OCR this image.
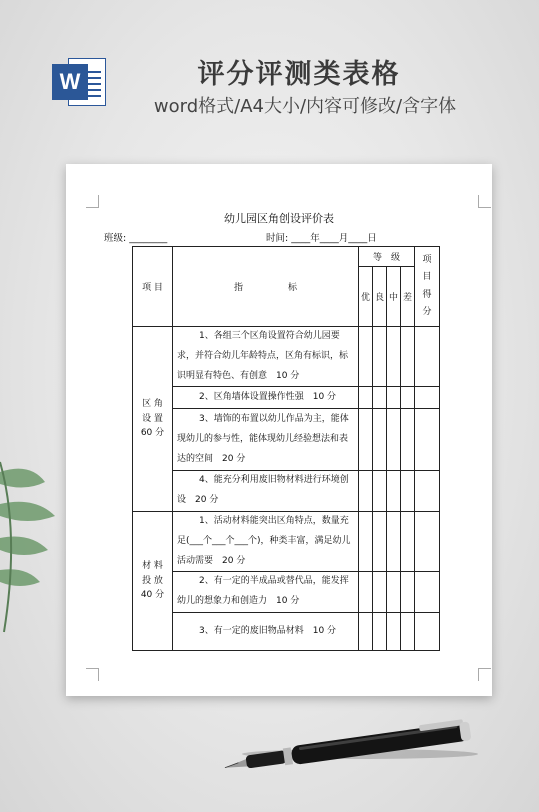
W	评分评测类表格
word格式/A4大小/内容可修改/含字体
幼儿园区角创设评价表
班级: ________	时间: ____年____月____日
项 目	指　　　　　标	等　级				项目得分
		优	良	中	差	
区 角
设 置
60 分	1、各组三个区角设置符合幼儿园要求，并符合幼儿年龄特点，区角有标识，标识明显有特色、有创意　10 分					

	2、区角墙体设置操作性强　10 分					

	3、墙饰的布置以幼儿作品为主，能体现幼儿的参与性，能体现幼儿经验想法和表达的空间　20 分					

	4、能充分利用废旧物材料进行环境创设　20 分					

材 料
投 放
40 分	1、活动材料能突出区角特点，数量充足(___个___个___个)，种类丰富，满足幼儿活动需要　20 分					

	2、有一定的半成品或替代品，能发挥幼儿的想象力和创造力　10 分					

	3、有一定的废旧物品材料　10 分					
